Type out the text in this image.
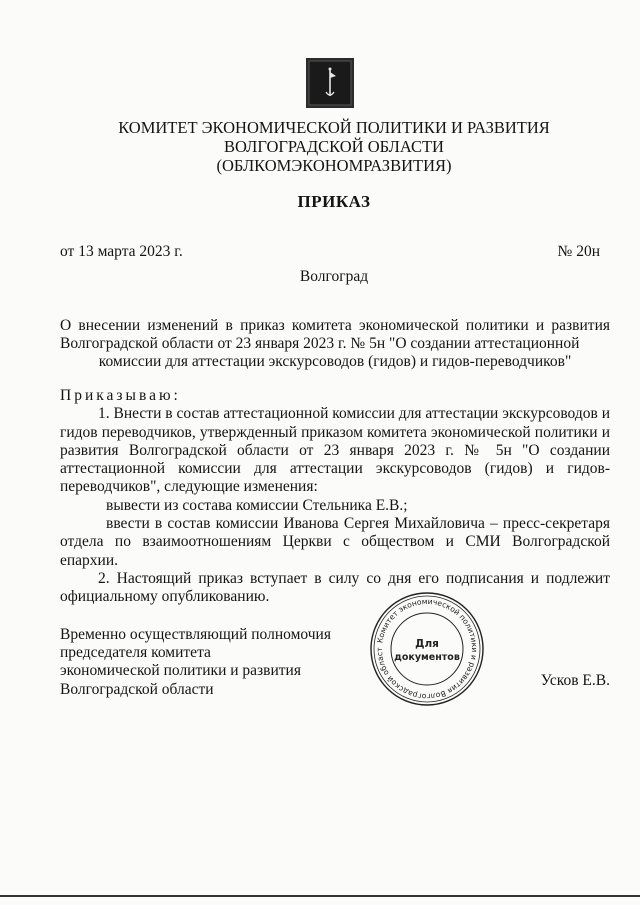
КОМИТЕТ ЭКОНОМИЧЕСКОЙ ПОЛИТИКИ И РАЗВИТИЯ
ВОЛГОГРАДСКОЙ ОБЛАСТИ
(ОБЛКОМЭКОНОМРАЗВИТИЯ)
ПРИКАЗ
от 13 марта 2023 г.	№ 20н
Волгоград
О внесении изменений в приказ комитета экономической политики и развития Волгоградской области от 23 января 2023 г. № 5н "О создании аттестационной
комиссии для аттестации экскурсоводов (гидов) и гидов-переводчиков"

Приказываю:

1. Внести в состав аттестационной комиссии для аттестации экскурсоводов и гидов переводчиков, утвержденный приказом комитета экономической политики и развития Волгоградской области от 23 января 2023 г. № 5н "О создании аттестационной комиссии для аттестации экскурсоводов (гидов) и гидов-переводчиков", следующие изменения:

вывести из состава комиссии Стельника Е.В.;

ввести в состав комиссии Иванова Сергея Михайловича – пресс-секретаря отдела по взаимоотношениям Церкви с обществом и СМИ Волгоградской епархии.

2. Настоящий приказ вступает в силу со дня его подписания и подлежит официальному опубликованию.

Временно осуществляющий полномочия
председателя комитета
экономической политики и развития
Волгоградской области
Комитет экономической политики и развития Волгоградской област	Для
документов
Усков Е.В.
